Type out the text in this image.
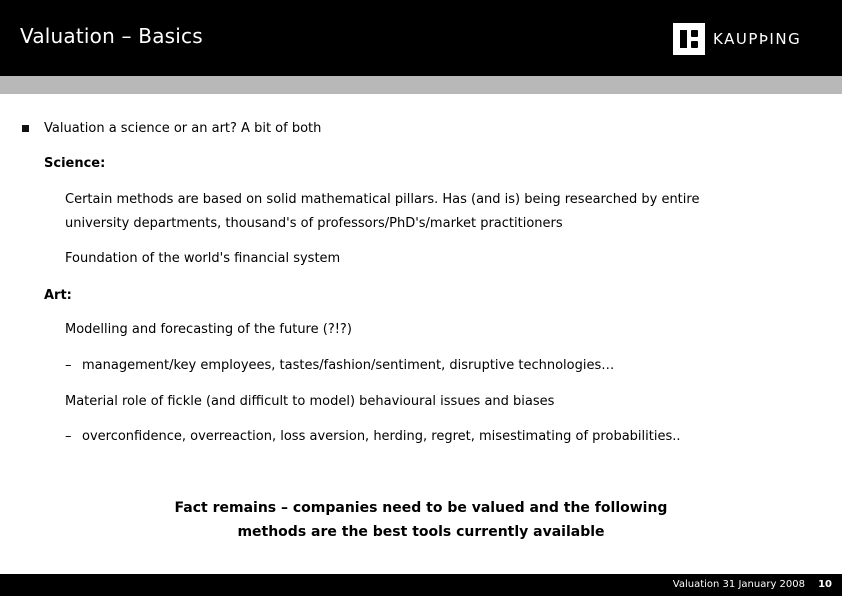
Valuation – Basics	KAUPÞING
Valuation a science or an art? A bit of both
Science:
Certain methods are based on solid mathematical pillars. Has (and is) being researched by entire
university departments, thousand's of professors/PhD's/market practitioners
Foundation of the world's financial system
Art:
Modelling and forecasting of the future (?!?)
– management/key employees, tastes/fashion/sentiment, disruptive technologies…
Material role of fickle (and difficult to model) behavioural issues and biases
– overconfidence, overreaction, loss aversion, herding, regret, misestimating of probabilities..
Fact remains – companies need to be valued and the following
methods are the best tools currently available
Valuation 31 January 2008 10
